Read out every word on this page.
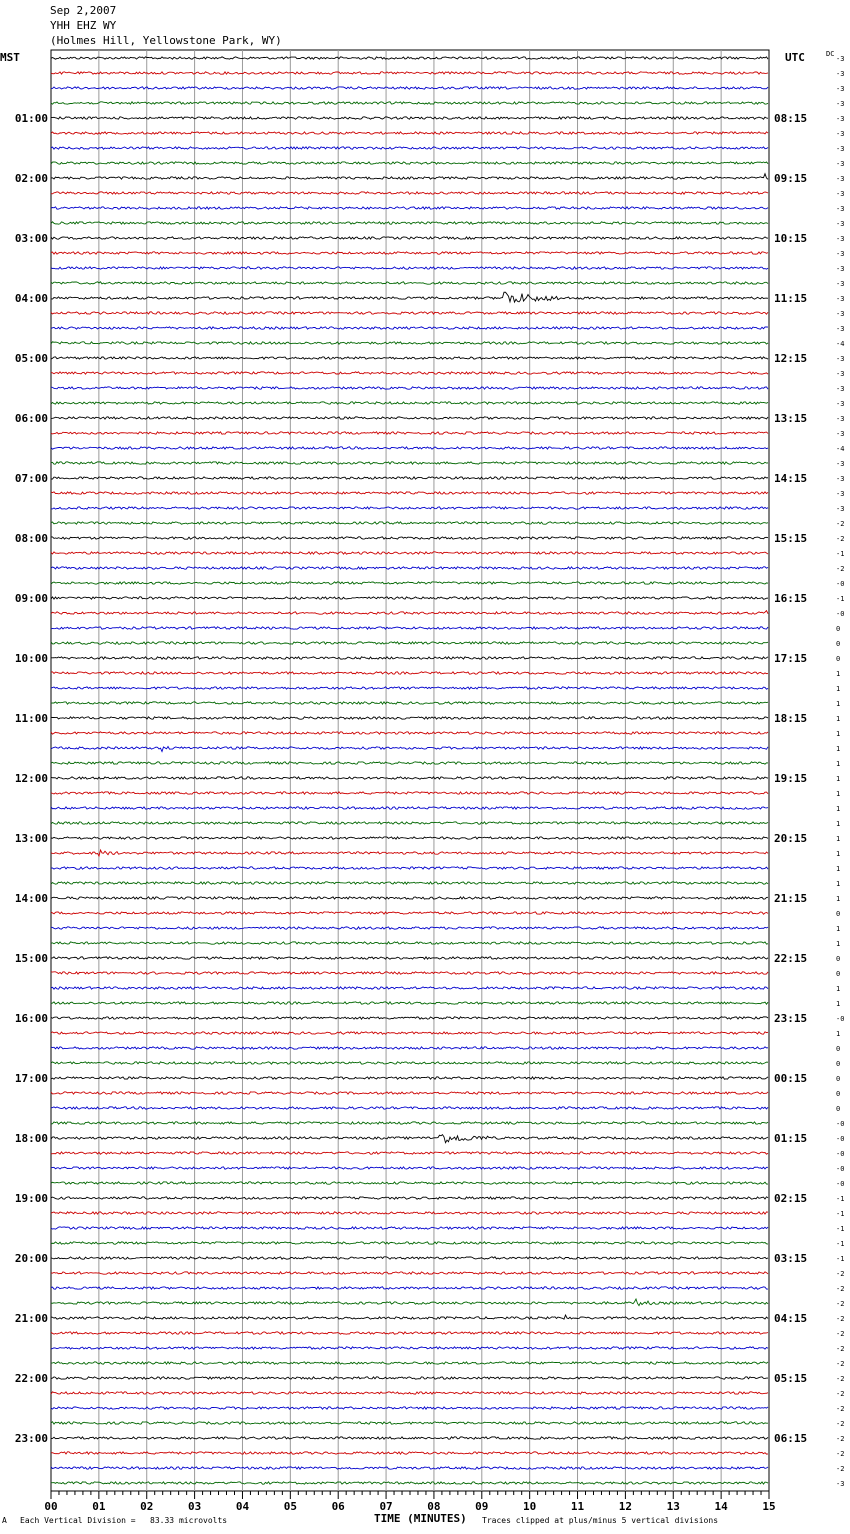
Sep 2,2007
YHH EHZ WY
(Holmes Hill, Yellowstone Park, WY)
MST	UTC	-3
-3
-3
-3
-3
-3
-3
-3
-3
-3
-3
-3
-3
-3
-3
-3
-3
-3
-3
-4
-3
-3
-3
-3
-3
-3
-4
-3
-3
-3
-3
-2
-2
-1
-2
-0
-1
-0
0
0
0
1
1
1
1
1
1
1
1
1
1
1
1
1
1
1
1
0
1
1
0
0
1
1
-0
1
0
0
0
0
0
-0
-0
-0
-0
-0
-1
-1
-1
-1
-1
-2
-2
-2
-2
-2
-2
-2
-2
-2
-2
-2
-2
-2
-2
-3
DC
01:00	08:15
02:00	09:15
03:00	10:15
04:00	11:15
05:00	12:15
06:00	13:15
07:00	14:15
08:00	15:15
09:00	16:15
10:00	17:15
11:00	18:15
12:00	19:15
13:00	20:15
14:00	21:15
15:00	22:15
16:00	23:15
17:00	00:15
18:00	01:15
19:00	02:15
20:00	03:15
21:00	04:15
22:00	05:15
23:00	06:15
00	01	02	03	04	05	06	07	08	09	10	11	12	13	14	15
A Each Vertical Division =   83.33 microvolts	TIME (MINUTES) Traces clipped at plus/minus 5 vertical divisions
